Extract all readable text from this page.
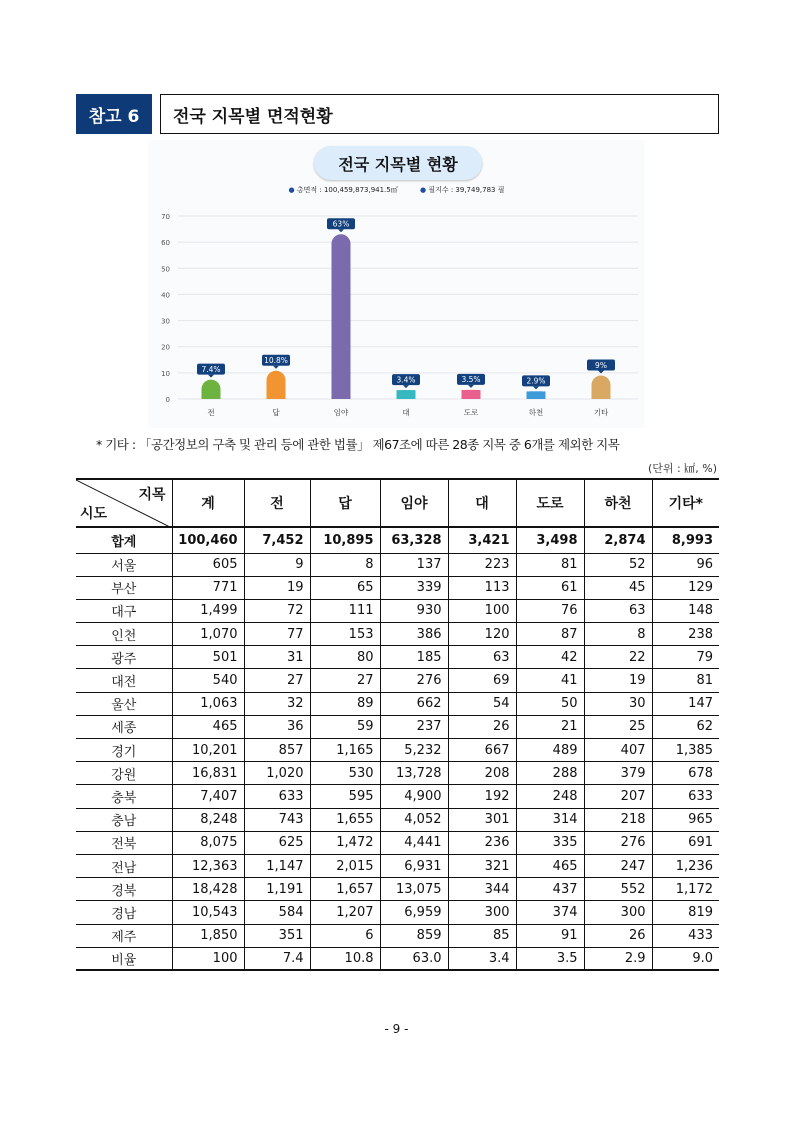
참고 6	전국 지목별 면적현황
전국 지목별 현황
● 총면적 : 100,459,873,941.5㎡	● 필지수 : 39,749,783 필
0
10
20
30
40
50
60
70
7.4%
전
10.8%
답
63%
임야
3.4%
대
3.5%
도로
2.9%
하천
9%
기타
* 기타 : 「공간정보의 구축 및 관리 등에 관한 법률」 제67조에 따른 28종 지목 중 6개를 제외한 지목
(단위 : ㎢, %)
지목
시도	계	전	답	임야	대	도로	하천	기타*
합계	100,460	7,452	10,895	63,328	3,421	3,498	2,874	8,993
서울	605	9	8	137	223	81	52	96
부산	771	19	65	339	113	61	45	129
대구	1,499	72	111	930	100	76	63	148
인천	1,070	77	153	386	120	87	8	238
광주	501	31	80	185	63	42	22	79
대전	540	27	27	276	69	41	19	81
울산	1,063	32	89	662	54	50	30	147
세종	465	36	59	237	26	21	25	62
경기	10,201	857	1,165	5,232	667	489	407	1,385
강원	16,831	1,020	530	13,728	208	288	379	678
충북	7,407	633	595	4,900	192	248	207	633
충남	8,248	743	1,655	4,052	301	314	218	965
전북	8,075	625	1,472	4,441	236	335	276	691
전남	12,363	1,147	2,015	6,931	321	465	247	1,236
경북	18,428	1,191	1,657	13,075	344	437	552	1,172
경남	10,543	584	1,207	6,959	300	374	300	819
제주	1,850	351	6	859	85	91	26	433
비율	100	7.4	10.8	63.0	3.4	3.5	2.9	9.0
- 9 -
